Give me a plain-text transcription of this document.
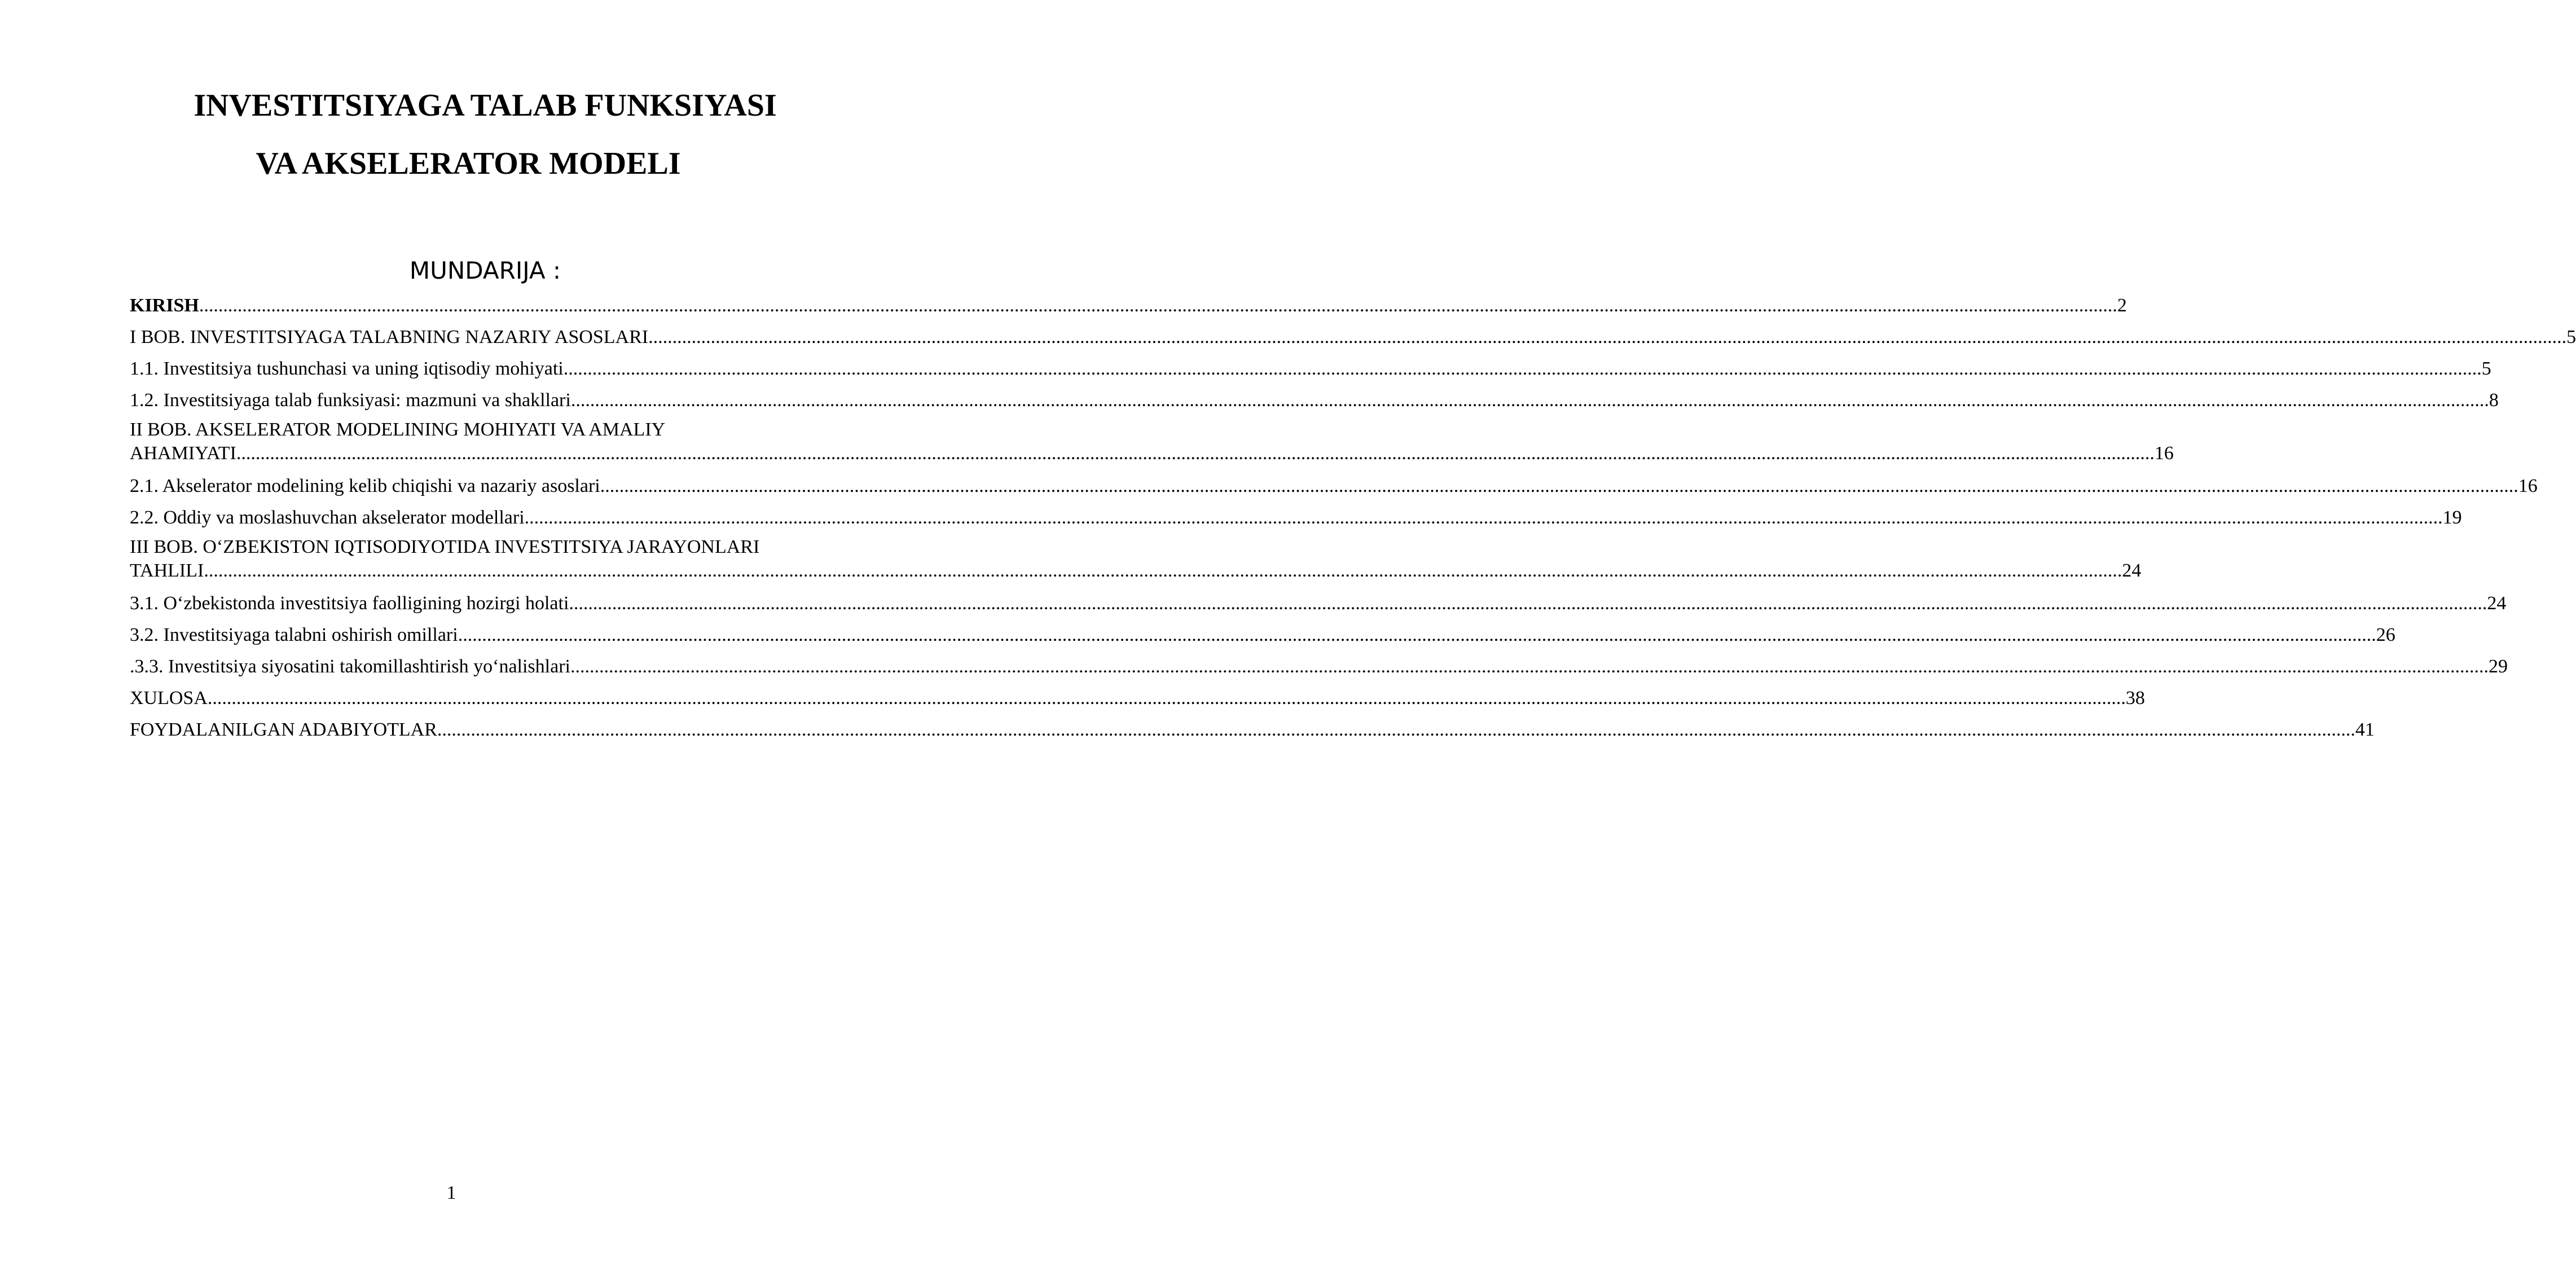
INVESTITSIYAGA TALAB FUNKSIYASI
VA AKSELERATOR MODELI
MUNDARIJA :
KIRISH ................................................................................................................................................................................................................................................................................................................................................................................................................ 2
I BOB. INVESTITSIYAGA TALABNING NAZARIY ASOSLARI ................................................................................................................................................................................................................................................................................................................................................................................................................ 5
1.1. Investitsiya tushunchasi va uning iqtisodiy mohiyati ................................................................................................................................................................................................................................................................................................................................................................................................................ 5
1.2. Investitsiyaga talab funksiyasi: mazmuni va shakllari ................................................................................................................................................................................................................................................................................................................................................................................................................ 8
II BOB. AKSELERATOR MODELINING MOHIYATI VA AMALIY
AHAMIYATI ................................................................................................................................................................................................................................................................................................................................................................................................................ 16
2.1. Akselerator modelining kelib chiqishi va nazariy asoslari ................................................................................................................................................................................................................................................................................................................................................................................................................ 16
2.2. Oddiy va moslashuvchan akselerator modellari ................................................................................................................................................................................................................................................................................................................................................................................................................ 19
III BOB. O‘ZBEKISTON IQTISODIYOTIDA INVESTITSIYA JARAYONLARI
TAHLILI ................................................................................................................................................................................................................................................................................................................................................................................................................ 24
3.1. O‘zbekistonda investitsiya faolligining hozirgi holati ................................................................................................................................................................................................................................................................................................................................................................................................................ 24
3.2. Investitsiyaga talabni oshirish omillari ................................................................................................................................................................................................................................................................................................................................................................................................................ 26
.3.3. Investitsiya siyosatini takomillashtirish yo‘nalishlari ................................................................................................................................................................................................................................................................................................................................................................................................................ 29
XULOSA ................................................................................................................................................................................................................................................................................................................................................................................................................ 38
FOYDALANILGAN ADABIYOTLAR ................................................................................................................................................................................................................................................................................................................................................................................................................ 41
1
